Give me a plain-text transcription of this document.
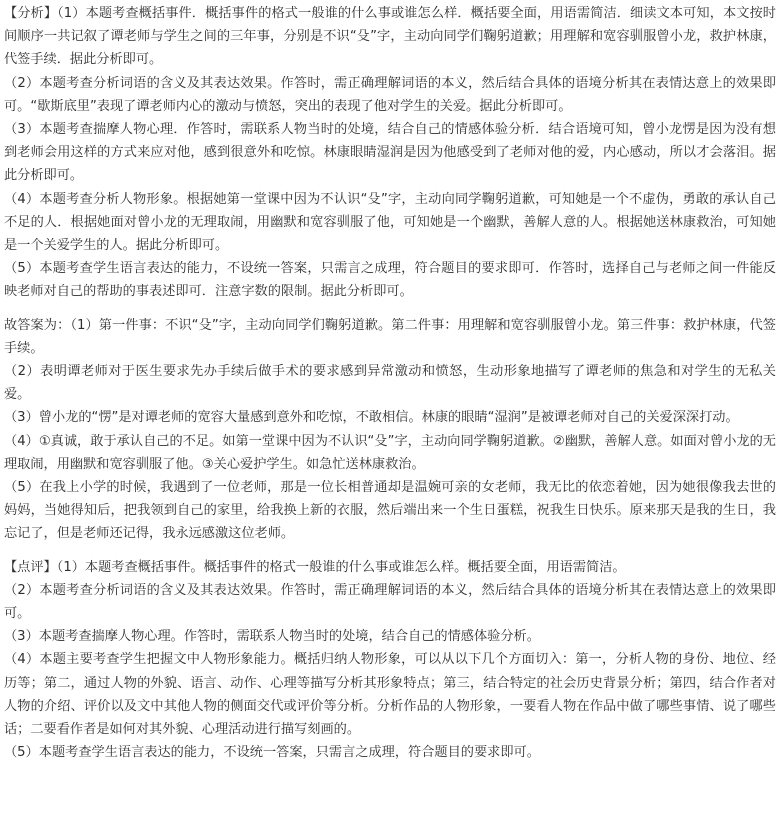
【分析】（1）本题考查概括事件．概括事件的格式一般谁的什么事或谁怎么样．概括要全面，用语需简洁．细读文本可知，本文按时间顺序一共记叙了谭老师与学生之间的三年事，分别是不识“殳”字，主动向同学们鞠躬道歉；用理解和宽容驯服曾小龙，救护林康，代签手续．据此分析即可。

（2）本题考查分析词语的含义及其表达效果。作答时，需正确理解词语的本义，然后结合具体的语境分析其在表情达意上的效果即可。“歇斯底里”表现了谭老师内心的激动与愤怒，突出的表现了他对学生的关爱。据此分析即可。

（3）本题考查揣摩人物心理．作答时，需联系人物当时的处境，结合自己的情感体验分析．结合语境可知，曾小龙愣是因为没有想到老师会用这样的方式来应对他，感到很意外和吃惊。林康眼睛湿润是因为他感受到了老师对他的爱，内心感动，所以才会落泪。据此分析即可。

（4）本题考查分析人物形象。根据她第一堂课中因为不认识“殳”字，主动向同学鞠躬道歉，可知她是一个不虚伪，勇敢的承认自己不足的人．根据她面对曾小龙的无理取闹，用幽默和宽容驯服了他，可知她是一个幽默，善解人意的人。根据她送林康救治，可知她是一个关爱学生的人。据此分析即可。

（5）本题考查学生语言表达的能力，不设统一答案，只需言之成理，符合题目的要求即可．作答时，选择自己与老师之间一件能反映老师对自己的帮助的事表述即可．注意字数的限制。据此分析即可。

故答案为：（1）第一件事：不识“殳”字，主动向同学们鞠躬道歉。第二件事：用理解和宽容驯服曾小龙。第三件事：救护林康，代签手续。

（2）表明谭老师对于医生要求先办手续后做手术的要求感到异常激动和愤怒，生动形象地描写了谭老师的焦急和对学生的无私关爱。

（3）曾小龙的“愣”是对谭老师的宽容大量感到意外和吃惊，不敢相信。林康的眼睛“湿润”是被谭老师对自己的关爱深深打动。

（4）①真诚，敢于承认自己的不足。如第一堂课中因为不认识“殳”字，主动向同学鞠躬道歉。②幽默，善解人意。如面对曾小龙的无理取闹，用幽默和宽容驯服了他。③关心爱护学生。如急忙送林康救治。

（5）在我上小学的时候，我遇到了一位老师，那是一位长相普通却是温婉可亲的女老师，我无比的依恋着她，因为她很像我去世的妈妈，当她得知后，把我领到自己的家里，给我换上新的衣服，然后端出来一个生日蛋糕，祝我生日快乐。原来那天是我的生日，我忘记了，但是老师还记得，我永远感激这位老师。

【点评】（1）本题考查概括事件。概括事件的格式一般谁的什么事或谁怎么样。概括要全面，用语需简洁。

（2）本题考查分析词语的含义及其表达效果。作答时，需正确理解词语的本义，然后结合具体的语境分析其在表情达意上的效果即可。

（3）本题考查揣摩人物心理。作答时，需联系人物当时的处境，结合自己的情感体验分析。

（4）本题主要考查学生把握文中人物形象能力。概括归纳人物形象，可以从以下几个方面切入：第一，分析人物的身份、地位、经历等；第二，通过人物的外貌、语言、动作、心理等描写分析其形象特点；第三，结合特定的社会历史背景分析；第四，结合作者对人物的介绍、评价以及文中其他人物的侧面交代或评价等分析。分析作品的人物形象，一要看人物在作品中做了哪些事情、说了哪些话；二要看作者是如何对其外貌、心理活动进行描写刻画的。

（5）本题考查学生语言表达的能力，不设统一答案，只需言之成理，符合题目的要求即可。
